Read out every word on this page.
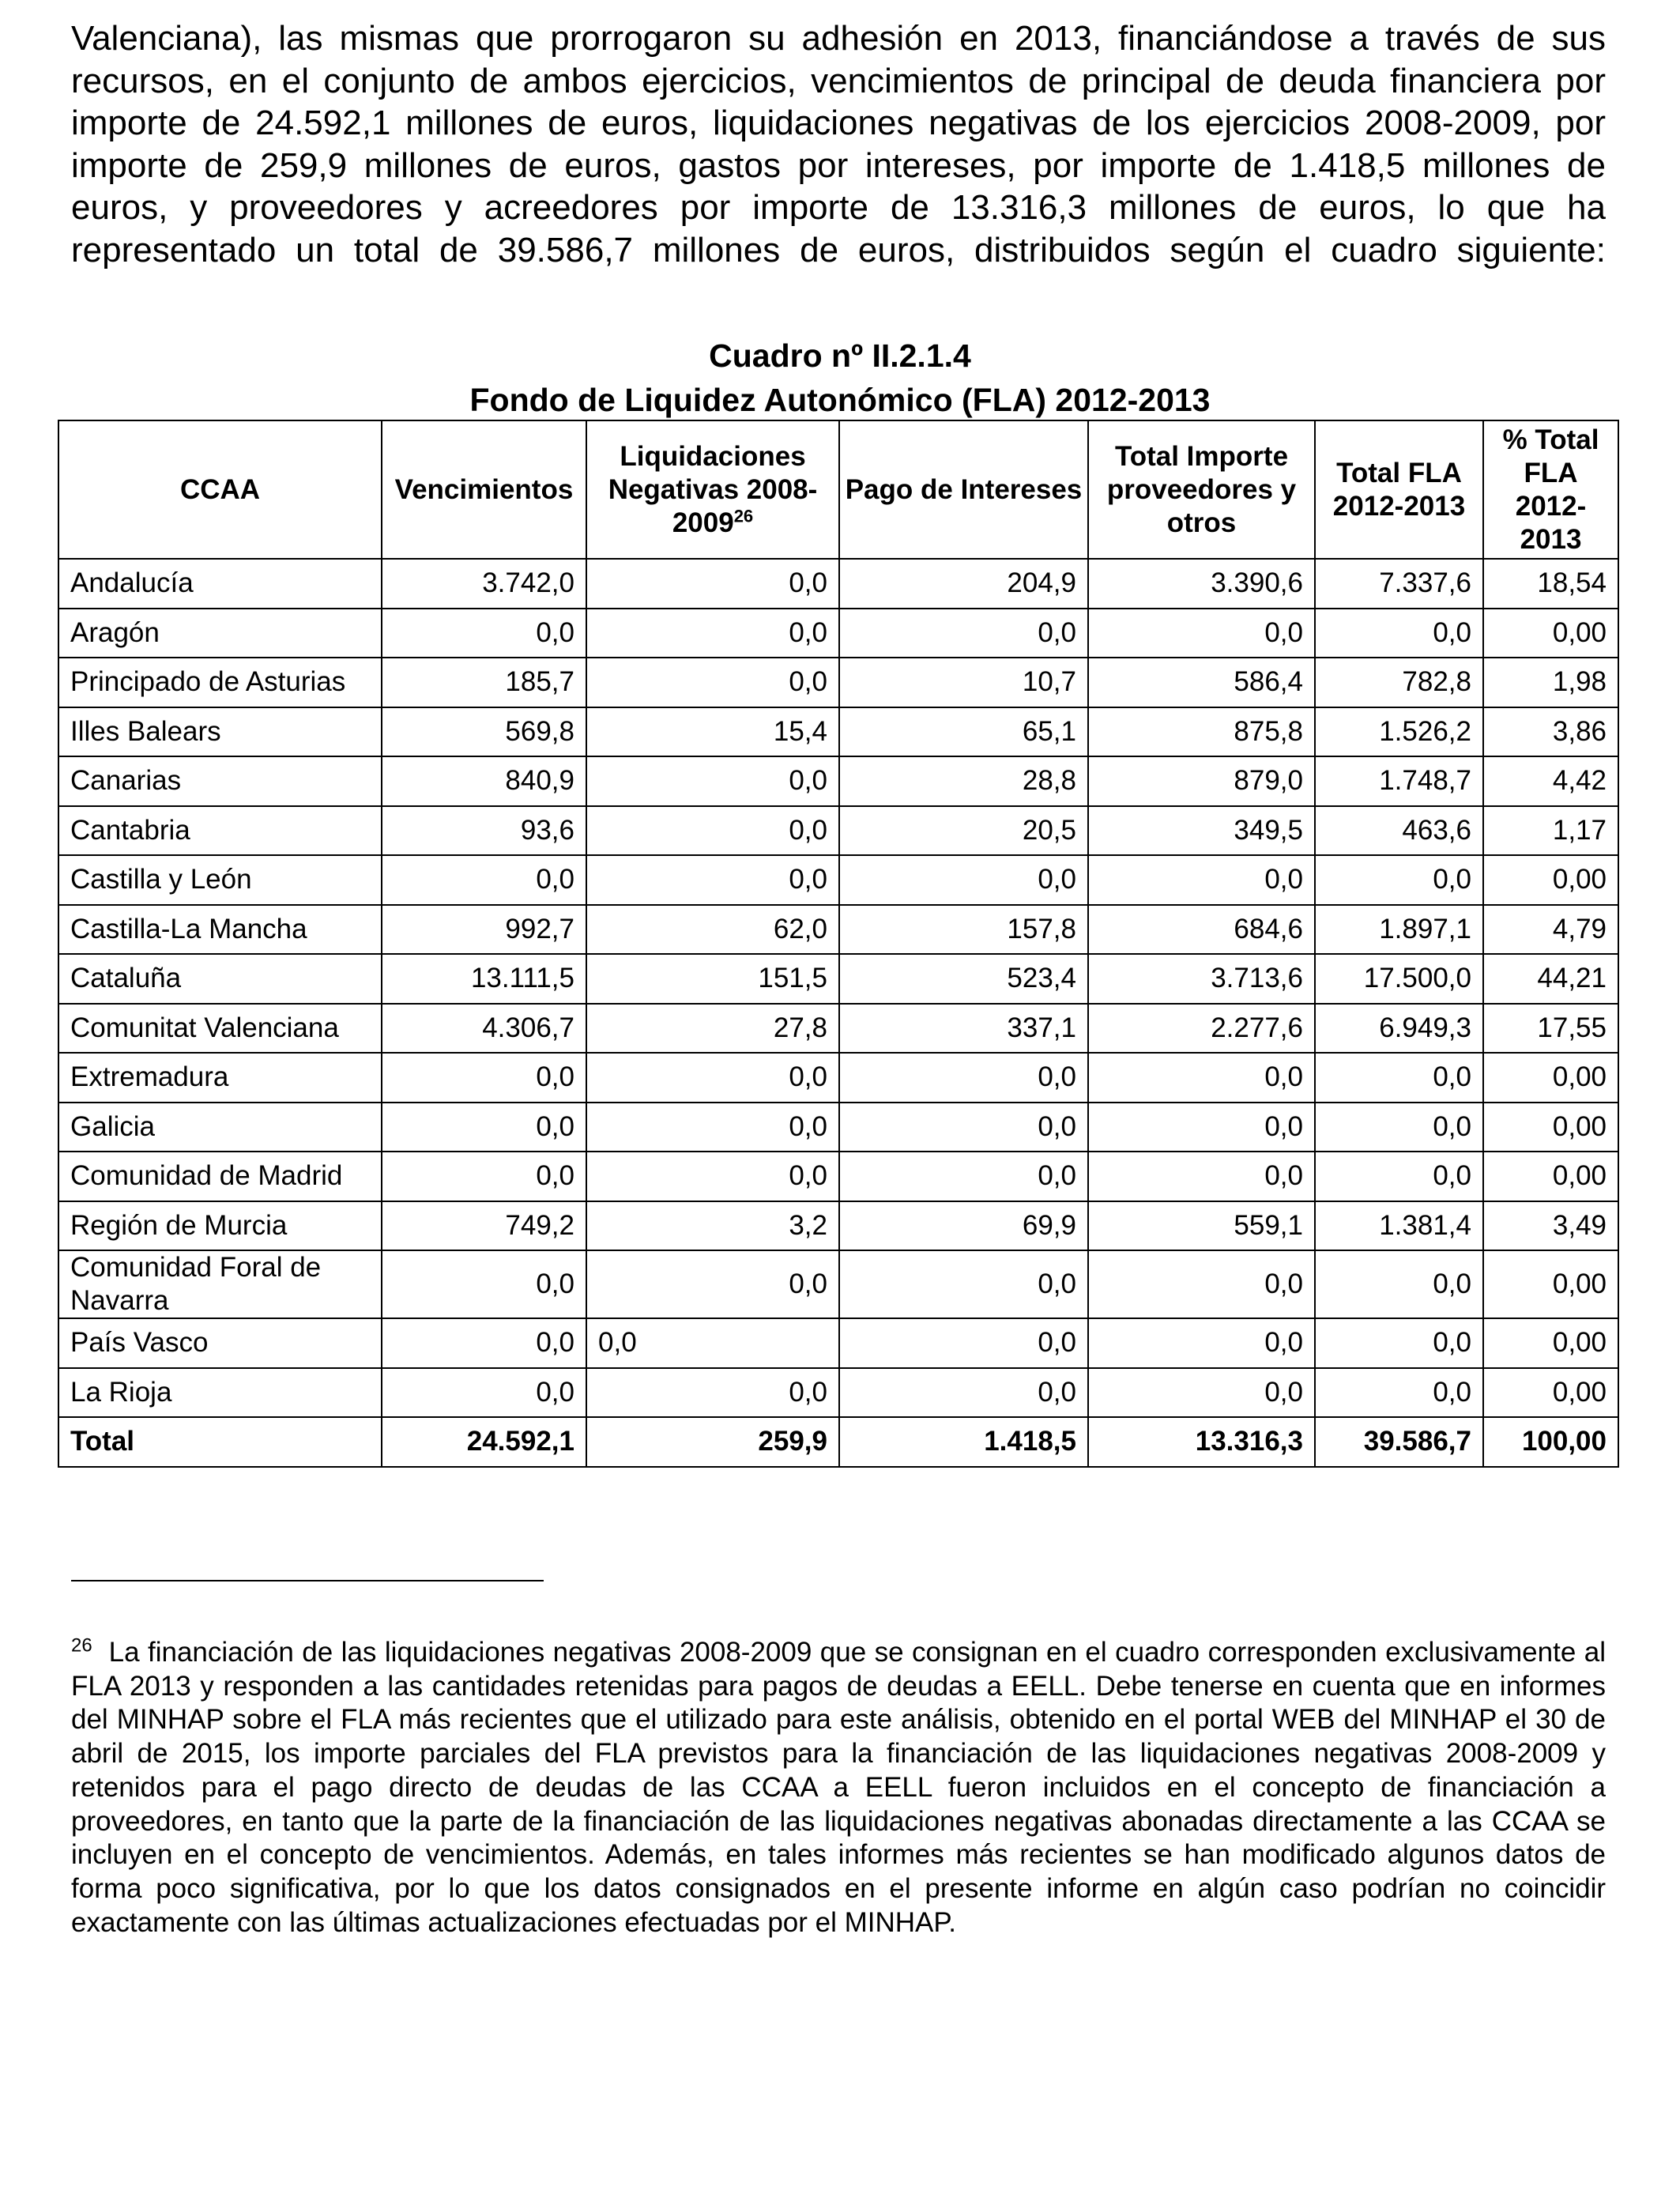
Valenciana), las mismas que prorrogaron su adhesión en 2013, financiándose a través de sus recursos, en el conjunto de ambos ejercicios, vencimientos de principal de deuda financiera por importe de 24.592,1 millones de euros, liquidaciones negativas de los ejercicios 2008-2009, por importe de 259,9 millones de euros, gastos por intereses, por importe de 1.418,5 millones de euros, y proveedores y acreedores por importe de 13.316,3 millones de euros, lo que ha representado un total de 39.586,7 millones de euros, distribuidos según el cuadro siguiente:

Cuadro nº II.2.1.4
Fondo de Liquidez Autonómico (FLA) 2012-2013
CCAA	Vencimientos	Liquidaciones Negativas 2008-2009$^{26}$	Pago de Intereses	Total Importe proveedores y otros	Total FLA 2012-2013	% Total FLA 2012-2013
Andalucía	3.742,0	0,0	204,9	3.390,6	7.337,6	18,54
Aragón	0,0	0,0	0,0	0,0	0,0	0,00
Principado de Asturias	185,7	0,0	10,7	586,4	782,8	1,98
Illes Balears	569,8	15,4	65,1	875,8	1.526,2	3,86
Canarias	840,9	0,0	28,8	879,0	1.748,7	4,42
Cantabria	93,6	0,0	20,5	349,5	463,6	1,17
Castilla y León	0,0	0,0	0,0	0,0	0,0	0,00
Castilla-La Mancha	992,7	62,0	157,8	684,6	1.897,1	4,79
Cataluña	13.111,5	151,5	523,4	3.713,6	17.500,0	44,21
Comunitat Valenciana	4.306,7	27,8	337,1	2.277,6	6.949,3	17,55
Extremadura	0,0	0,0	0,0	0,0	0,0	0,00
Galicia	0,0	0,0	0,0	0,0	0,0	0,00
Comunidad de Madrid	0,0	0,0	0,0	0,0	0,0	0,00
Región de Murcia	749,2	3,2	69,9	559,1	1.381,4	3,49
Comunidad Foral de Navarra	0,0	0,0	0,0	0,0	0,0	0,00
País Vasco	0,0	0,0	0,0	0,0	0,0	0,00
La Rioja	0,0	0,0	0,0	0,0	0,0	0,00
Total	24.592,1	259,9	1.418,5	13.316,3	39.586,7	100,00

$^{26}$ La financiación de las liquidaciones negativas 2008-2009 que se consignan en el cuadro corresponden exclusivamente al FLA 2013 y responden a las cantidades retenidas para pagos de deudas a EELL. Debe tenerse en cuenta que en informes del MINHAP sobre el FLA más recientes que el utilizado para este análisis, obtenido en el portal WEB del MINHAP el 30 de abril de 2015, los importe parciales del FLA previstos para la financiación de las liquidaciones negativas 2008-2009 y retenidos para el pago directo de deudas de las CCAA a EELL fueron incluidos en el concepto de financiación a proveedores, en tanto que la parte de la financiación de las liquidaciones negativas abonadas directamente a las CCAA se incluyen en el concepto de vencimientos. Además, en tales informes más recientes se han modificado algunos datos de forma poco significativa, por lo que los datos consignados en el presente informe en algún caso podrían no coincidir exactamente con las últimas actualizaciones efectuadas por el MINHAP.
